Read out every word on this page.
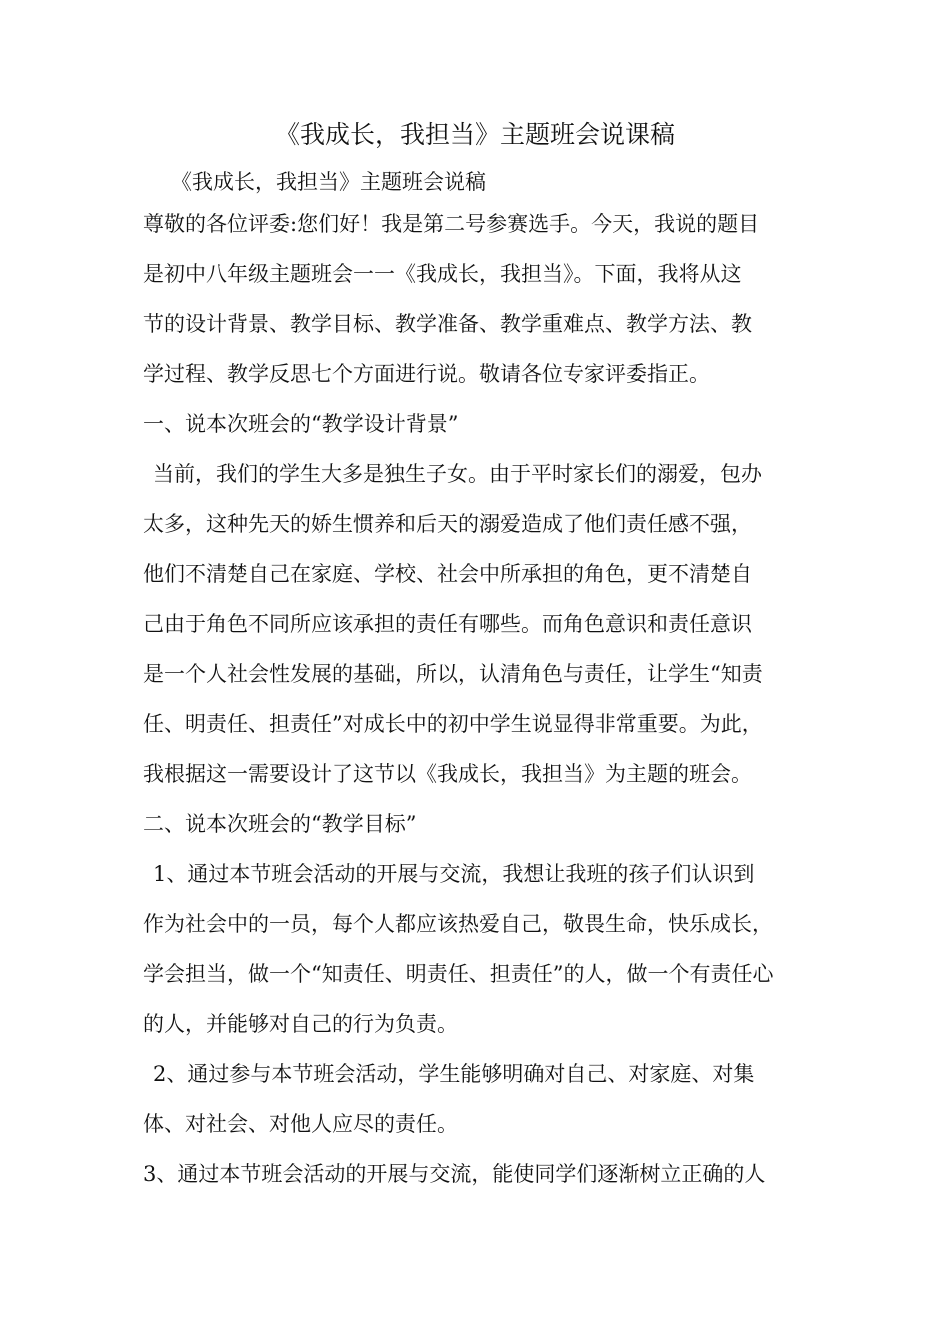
《我成长，我担当》主题班会说课稿
《我成长，我担当》主题班会说稿
尊敬的各位评委:您们好！我是第二号参赛选手。今天，我说的题目
是初中八年级主题班会一一《我成长，我担当》。下面，我将从这
节的设计背景、教学目标、教学准备、教学重难点、教学方法、教
学过程、教学反思七个方面进行说。敬请各位专家评委指正。
一、说本次班会的“教学设计背景”
当前，我们的学生大多是独生子女。由于平时家长们的溺爱，包办
太多，这种先天的娇生惯养和后天的溺爱造成了他们责任感不强，
他们不清楚自己在家庭、学校、社会中所承担的角色，更不清楚自
己由于角色不同所应该承担的责任有哪些。而角色意识和责任意识
是一个人社会性发展的基础，所以，认清角色与责任，让学生“知责
任、明责任、担责任”对成长中的初中学生说显得非常重要。为此，
我根据这一需要设计了这节以《我成长，我担当》为主题的班会。
二、说本次班会的“教学目标”
1、通过本节班会活动的开展与交流，我想让我班的孩子们认识到
作为社会中的一员，每个人都应该热爱自己，敬畏生命，快乐成长，
学会担当，做一个“知责任、明责任、担责任”的人，做一个有责任心
的人，并能够对自己的行为负责。
2、通过参与本节班会活动，学生能够明确对自己、对家庭、对集
体、对社会、对他人应尽的责任。
3、通过本节班会活动的开展与交流，能使同学们逐渐树立正确的人
